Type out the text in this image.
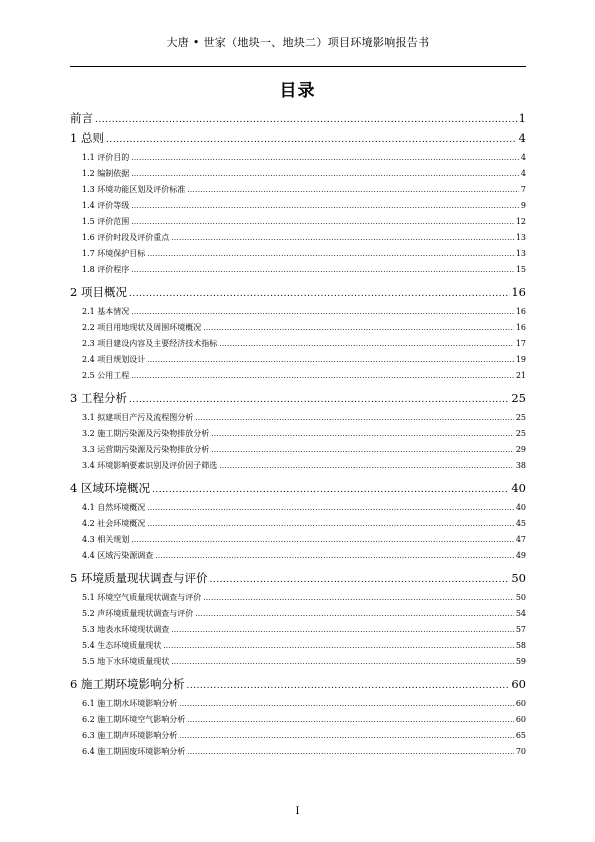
大唐 • 世家（地块一、地块二）项目环境影响报告书
目录
前言 .....	1
1 总则 .....	4
1.1 评价目的 .....	4
1.2 编制依据 .....	4
1.3 环境功能区划及评价标准 .....	7
1.4 评价等级 .....	9
1.5 评价范围 .....	12
1.6 评价时段及评价重点 .....	13
1.7 环境保护目标 .....	13
1.8 评价程序 .....	15
2 项目概况 .....	16
2.1 基本情况 .....	16
2.2 项目用地现状及周围环境概况 .....	16
2.3 项目建设内容及主要经济技术指标 .....	17
2.4 项目规划设计 .....	19
2.5 公用工程 .....	21
3 工程分析 .....	25
3.1 拟建项目产污及流程图分析 .....	25
3.2 施工期污染源及污染物排放分析 .....	25
3.3 运营期污染源及污染物排放分析 .....	29
3.4 环境影响要素识别及评价因子筛选 .....	38
4 区域环境概况 .....	40
4.1 自然环境概况 .....	40
4.2 社会环境概况 .....	45
4.3 相关规划 .....	47
4.4 区域污染源调查 .....	49
5 环境质量现状调查与评价 .....	50
5.1 环境空气质量现状调查与评价 .....	50
5.2 声环境质量现状调查与评价 .....	54
5.3 地表水环境现状调查 .....	57
5.4 生态环境质量现状 .....	58
5.5 地下水环境质量现状 .....	59
6 施工期环境影响分析 .....	60
6.1 施工期水环境影响分析 .....	60
6.2 施工期环境空气影响分析 .....	60
6.3 施工期声环境影响分析 .....	65
6.4 施工期固废环境影响分析 .....	70
I
